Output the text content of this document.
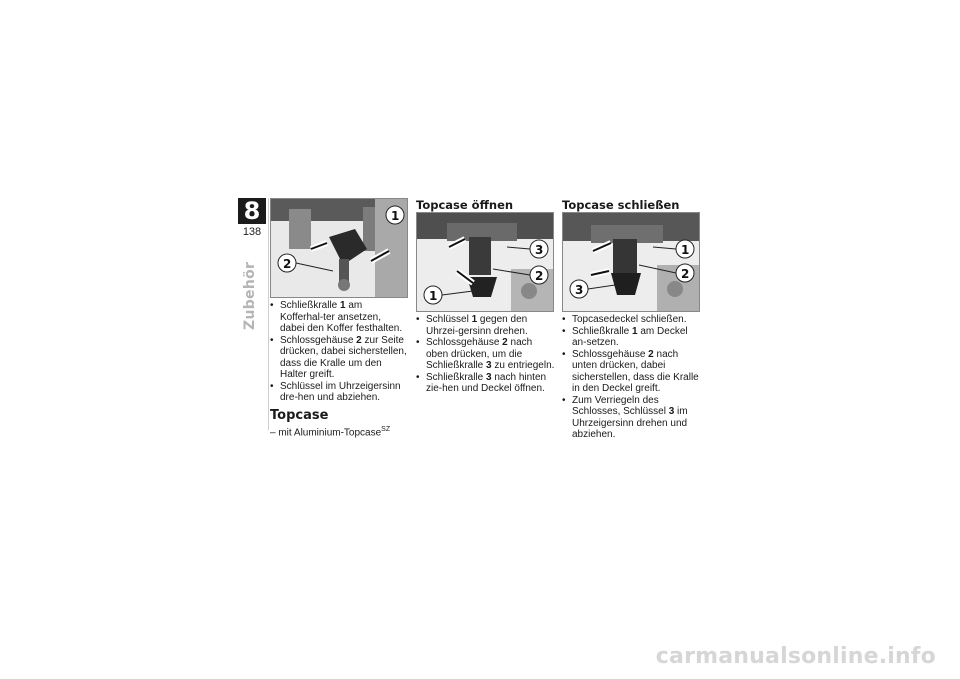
8
138
Zubehör
1
2
• Schließkralle 1 am Kofferhal-ter ansetzen, dabei den Koffer festhalten.
• Schlossgehäuse 2 zur Seite drücken, dabei sicherstellen, dass die Kralle um den Halter greift.
• Schlüssel im Uhrzeigersinn dre-hen und abziehen.
Topcase
– mit Aluminium-Topcase$^{SZ}$
Topcase öffnen
3
2
1
• Schlüssel 1 gegen den Uhrzei-gersinn drehen.
• Schlossgehäuse 2 nach oben drücken, um die Schließkralle 3 zu entriegeln.
• Schließkralle 3 nach hinten zie-hen und Deckel öffnen.
Topcase schließen
1
2
3
• Topcasedeckel schließen.
• Schließkralle 1 am Deckel an-setzen.
• Schlossgehäuse 2 nach unten drücken, dabei sicherstellen, dass die Kralle in den Deckel greift.
• Zum Verriegeln des Schlosses, Schlüssel 3 im Uhrzeigersinn drehen und abziehen.
carmanualsonline.info
